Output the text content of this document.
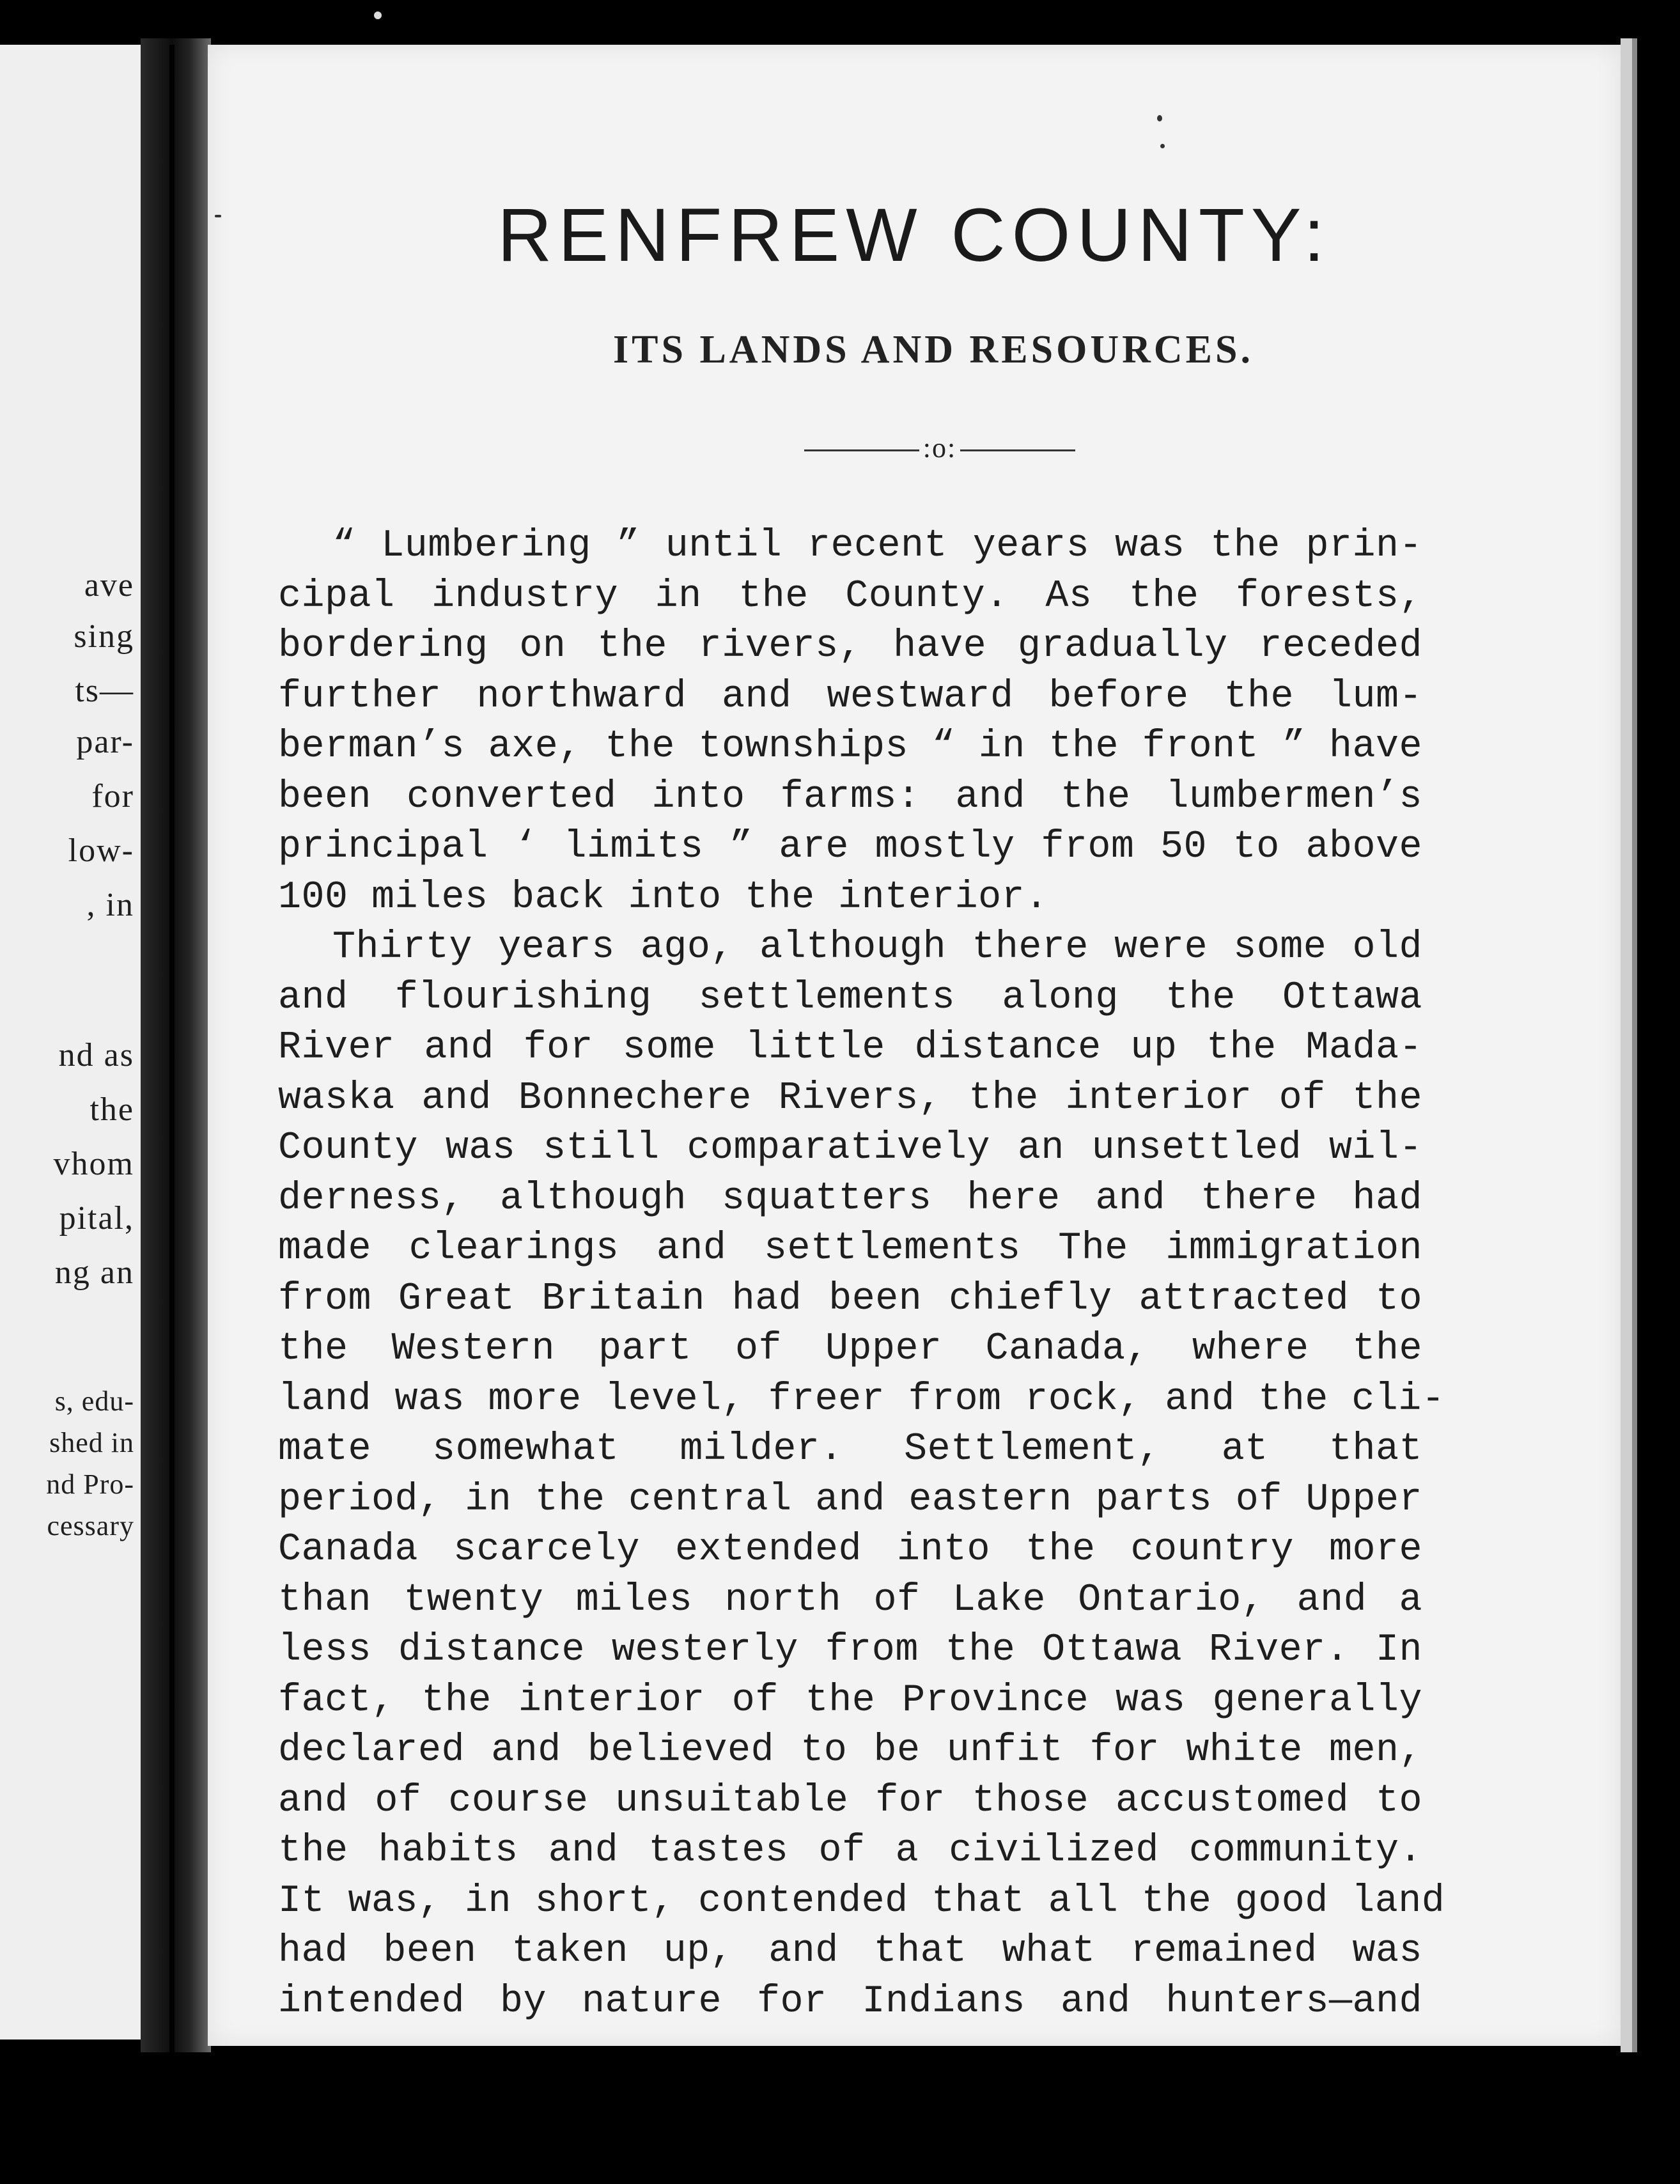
ave

sing

ts—

par-

for

low-

, in

nd as

the

vhom

pital,

ng an

s, edu-

shed in

nd Pro-

cessary

RENFREW COUNTY:
ITS LANDS AND RESOURCES.
:o:
“ Lumbering ” until recent years was the prin-
cipal industry in the County. As the forests,
bordering on the rivers, have gradually receded
further northward and westward before the lum-
berman’s axe, the townships “ in the front ” have
been converted into farms: and the lumbermen’s
principal ‘ limits ” are mostly from 50 to above
100 miles back into the interior.
Thirty years ago, although there were some old
and flourishing settlements along the Ottawa
River and for some little distance up the Mada-
waska and Bonnechere Rivers, the interior of the
County was still comparatively an unsettled wil-
derness, although squatters here and there had
made clearings and settlements The immigration
from Great Britain had been chiefly attracted to
the Western part of Upper Canada, where the
land was more level, freer from rock, and the cli-
mate somewhat milder. Settlement, at that
period, in the central and eastern parts of Upper
Canada scarcely extended into the country more
than twenty miles north of Lake Ontario, and a
less distance westerly from the Ottawa River. In
fact, the interior of the Province was generally
declared and believed to be unfit for white men,
and of course unsuitable for those accustomed to
the habits and tastes of a civilized community.
It was, in short, contended that all the good land
had been taken up, and that what remained was
intended by nature for Indians and hunters—and
